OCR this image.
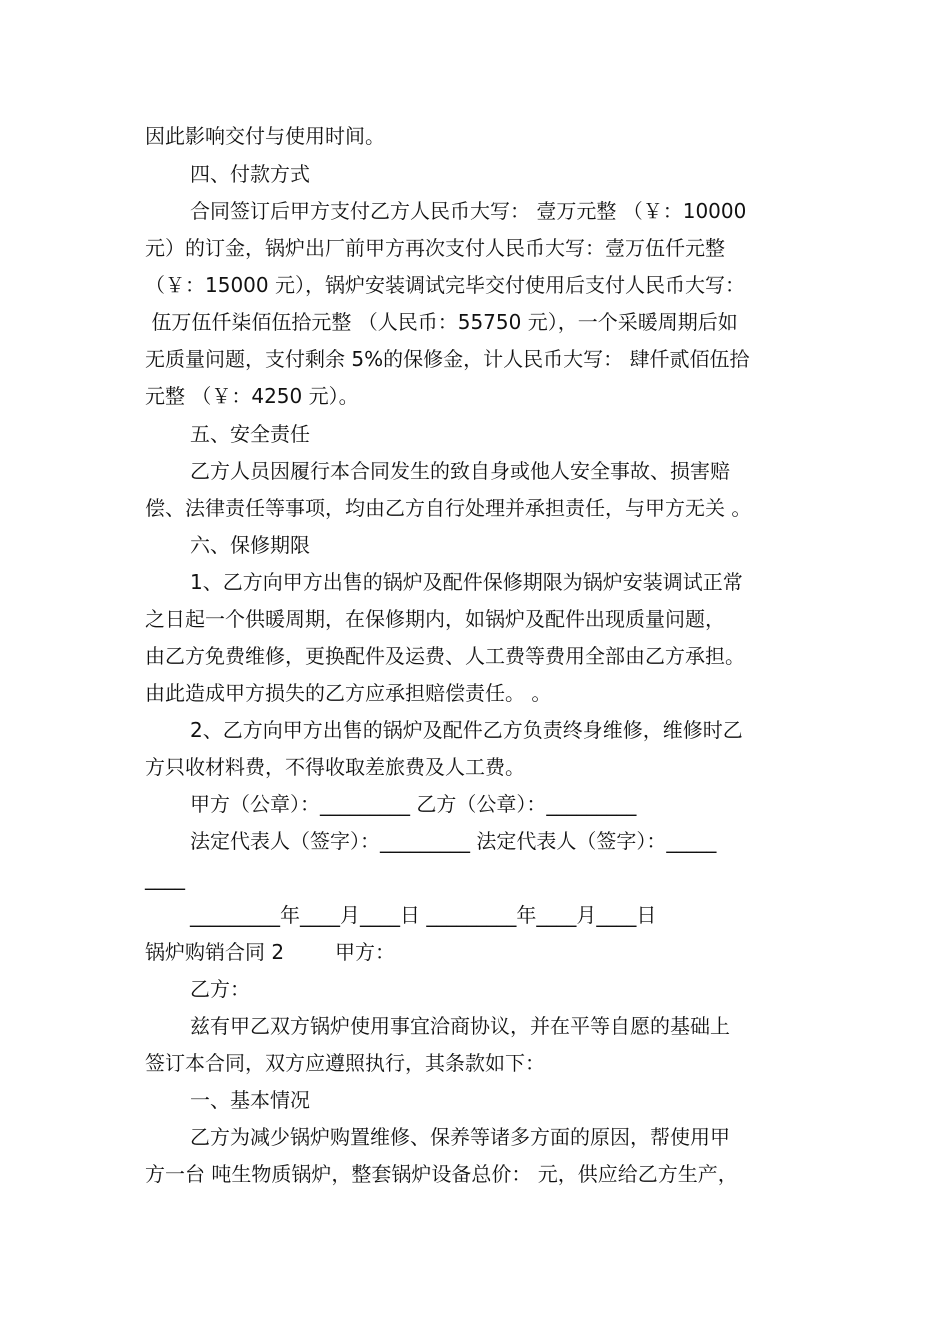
因此影响交付与使用时间。
四、付款方式
合同签订后甲方支付乙方人民币大写： 壹万元整 （￥：10000
元）的订金，锅炉出厂前甲方再次支付人民币大写：壹万伍仟元整
（￥：15000 元），锅炉安装调试完毕交付使用后支付人民币大写：
伍万伍仟柒佰伍拾元整 （人民币：55750 元），一个采暖周期后如
无质量问题，支付剩余 5%的保修金，计人民币大写： 肆仟贰佰伍拾
元整 （￥：4250 元）。
五、安全责任
乙方人员因履行本合同发生的致自身或他人安全事故、损害赔
偿、法律责任等事项，均由乙方自行处理并承担责任，与甲方无关 。
六、保修期限
1、乙方向甲方出售的锅炉及配件保修期限为锅炉安装调试正常
之日起一个供暖周期，在保修期内，如锅炉及配件出现质量问题，
由乙方免费维修，更换配件及运费、人工费等费用全部由乙方承担。
由此造成甲方损失的乙方应承担赔偿责任。 。
2、乙方向甲方出售的锅炉及配件乙方负责终身维修，维修时乙
方只收材料费，不得收取差旅费及人工费。
甲方（公章）：_________ 乙方（公章）：_________
法定代表人（签字）：_________ 法定代表人（签字）：_____
____
_________年____月____日 _________年____月____日
锅炉购销合同 2        甲方：
乙方：
兹有甲乙双方锅炉使用事宜洽商协议，并在平等自愿的基础上
签订本合同，双方应遵照执行，其条款如下：
一、基本情况
乙方为减少锅炉购置维修、保养等诸多方面的原因，帮使用甲
方一台 吨生物质锅炉，整套锅炉设备总价： 元，供应给乙方生产，
